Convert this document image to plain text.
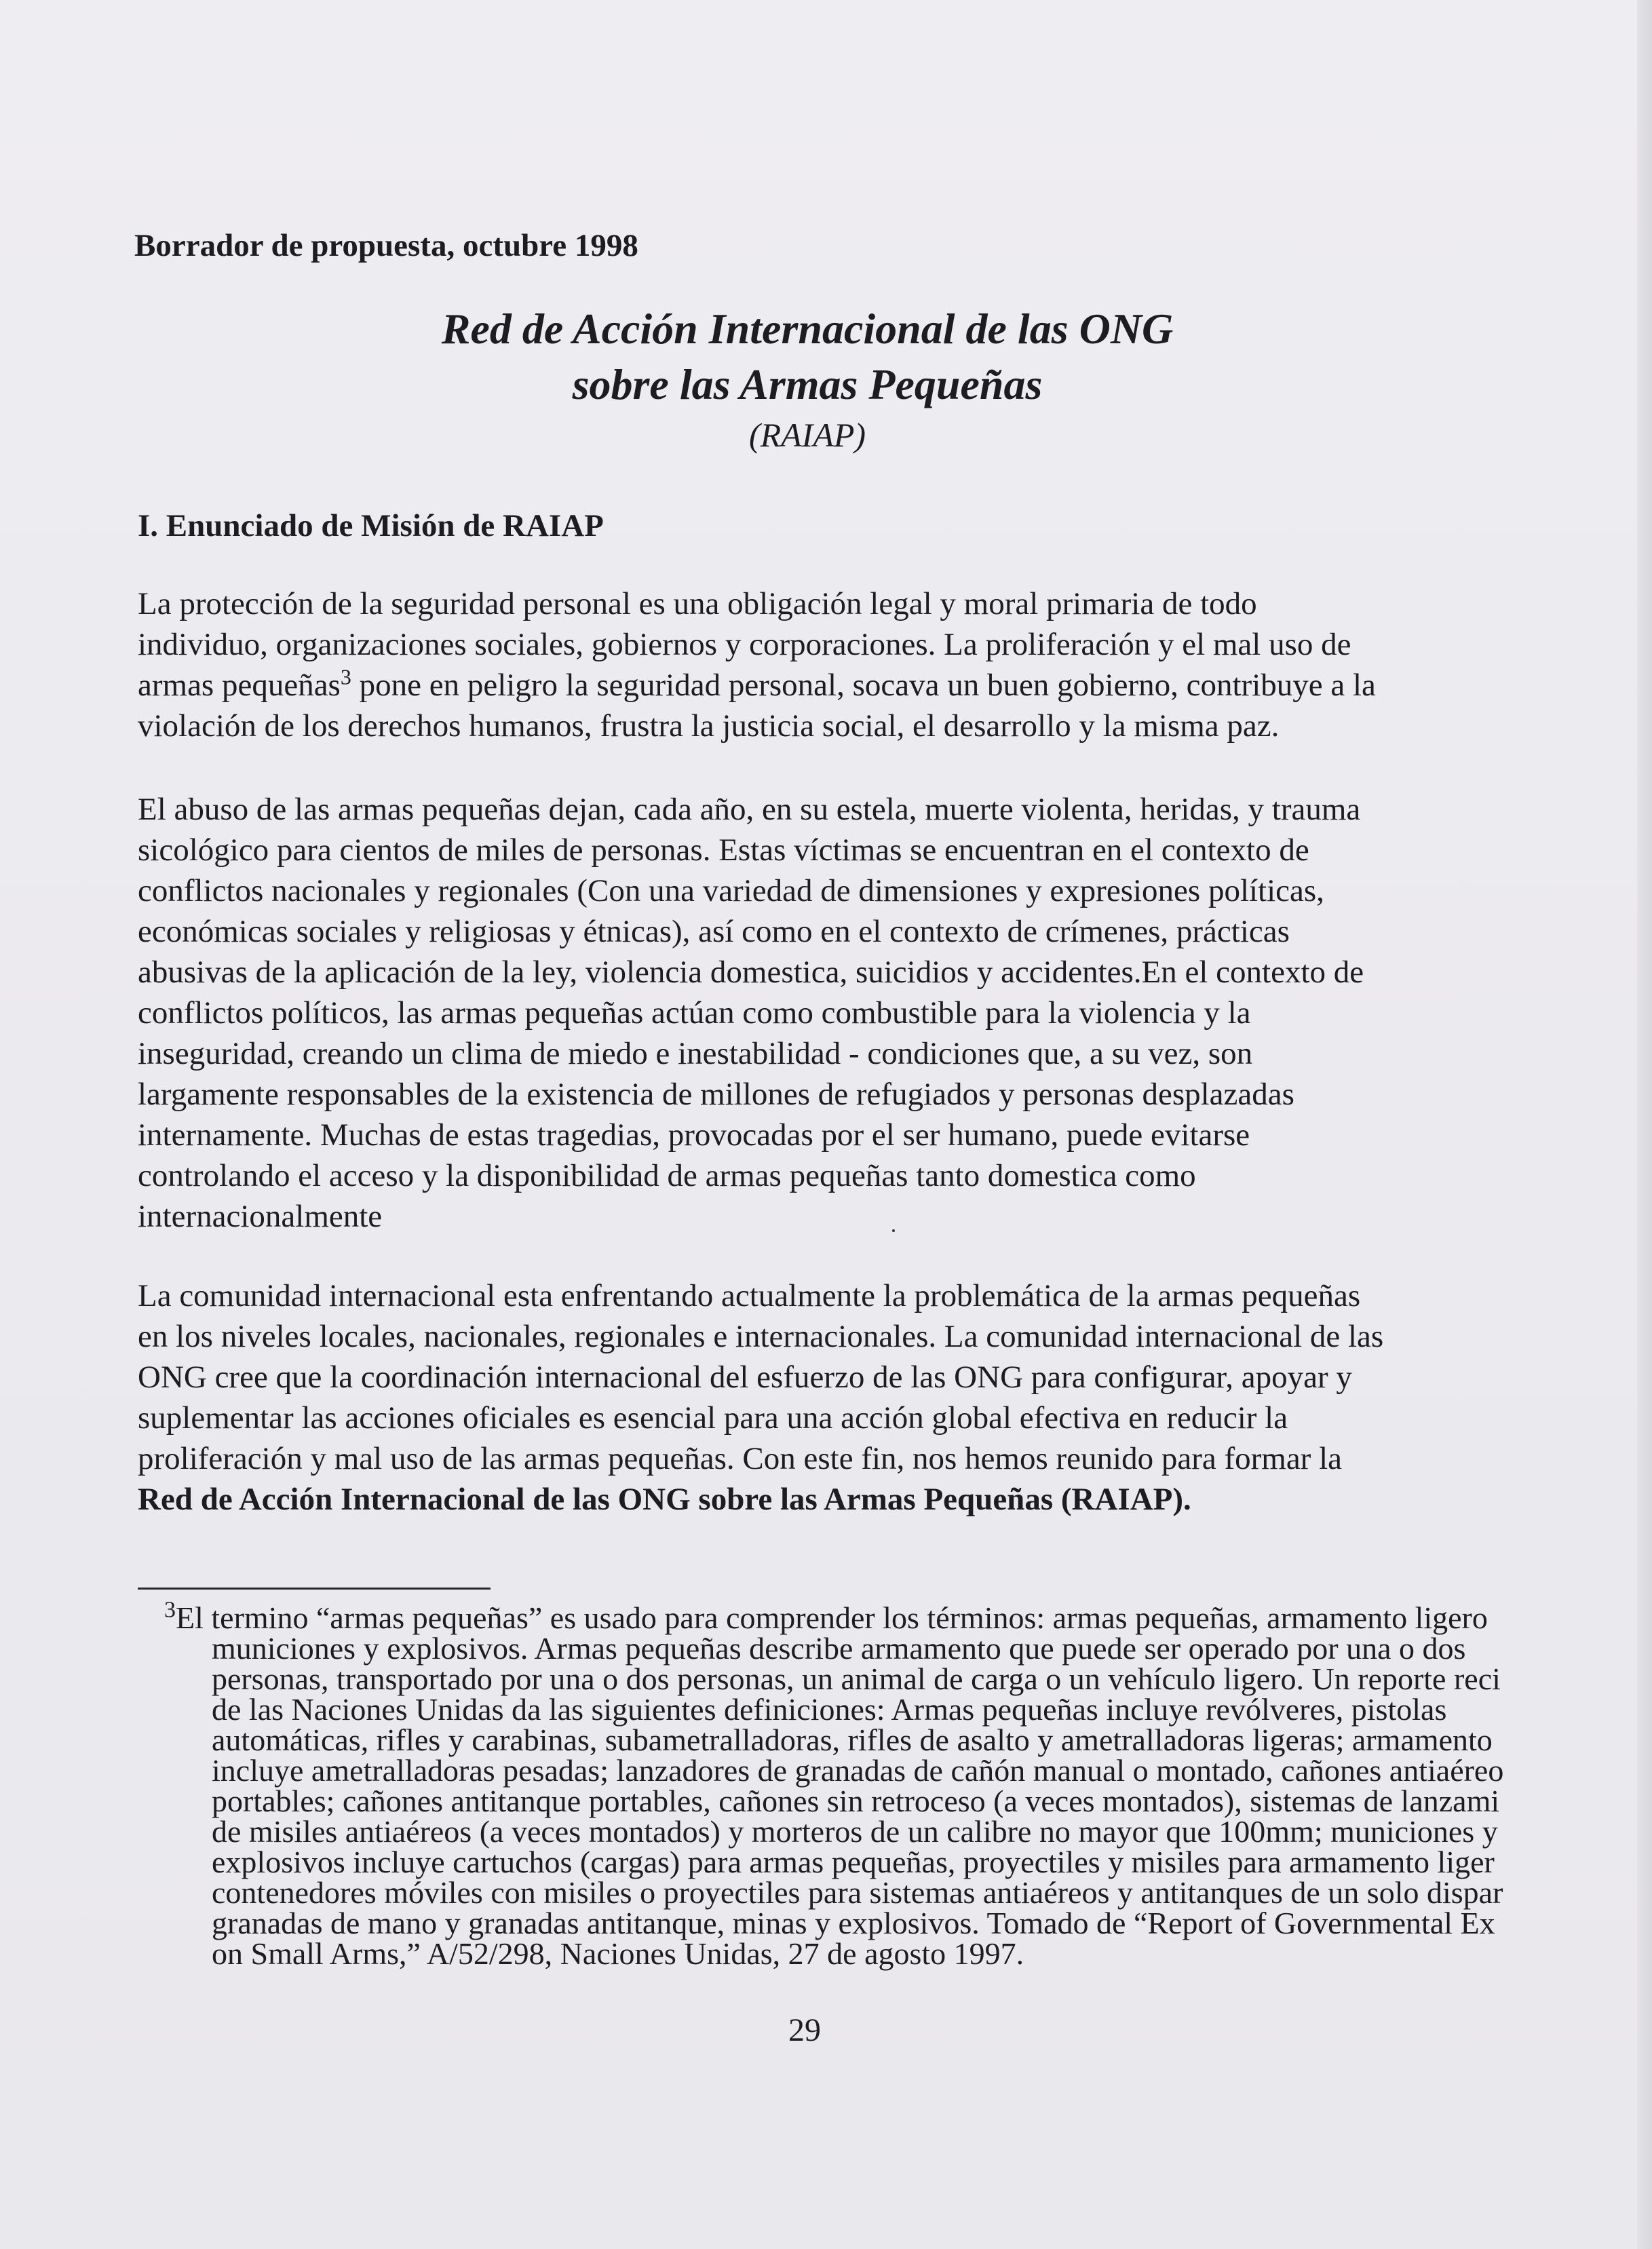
Borrador de propuesta, octubre 1998
Red de Acción Internacional de las ONG
sobre las Armas Pequeñas
(RAIAP)
I. Enunciado de Misión de RAIAP
La protección de la seguridad personal es una obligación legal y moral primaria de todo
individuo, organizaciones sociales, gobiernos y corporaciones. La proliferación y el mal uso de
armas pequeñas$^3$ pone en peligro la seguridad personal, socava un buen gobierno, contribuye a la
violación de los derechos humanos, frustra la justicia social, el desarrollo y la misma paz.
El abuso de las armas pequeñas dejan, cada año, en su estela, muerte violenta, heridas, y trauma
sicológico para cientos de miles de personas. Estas víctimas se encuentran en el contexto de
conflictos nacionales y regionales (Con una variedad de dimensiones y expresiones políticas,
económicas sociales y religiosas y étnicas), así como en el contexto de crímenes, prácticas
abusivas de la aplicación de la ley, violencia domestica, suicidios y accidentes.En el contexto de
conflictos políticos, las armas pequeñas actúan como combustible para la violencia y la
inseguridad, creando un clima de miedo e inestabilidad - condiciones que, a su vez, son
largamente responsables de la existencia de millones de refugiados y personas desplazadas
internamente. Muchas de estas tragedias, provocadas por el ser humano, puede evitarse
controlando el acceso y la disponibilidad de armas pequeñas tanto domestica como
internacionalmente
La comunidad internacional esta enfrentando actualmente la problemática de la armas pequeñas
en los niveles locales, nacionales, regionales e internacionales. La comunidad internacional de las
ONG cree que la coordinación internacional del esfuerzo de las ONG para configurar, apoyar y
suplementar las acciones oficiales es esencial para una acción global efectiva en reducir la
proliferación y mal uso de las armas pequeñas. Con este fin, nos hemos reunido para formar la
Red de Acción Internacional de las ONG sobre las Armas Pequeñas (RAIAP).
$^3$El termino “armas pequeñas” es usado para comprender los términos: armas pequeñas, armamento ligero
municiones y explosivos. Armas pequeñas describe armamento que puede ser operado por una o dos
personas, transportado por una o dos personas, un animal de carga o un vehículo ligero. Un reporte reci
de las Naciones Unidas da las siguientes definiciones: Armas pequeñas incluye revólveres, pistolas
automáticas, rifles y carabinas, subametralladoras, rifles de asalto y ametralladoras ligeras; armamento
incluye ametralladoras pesadas; lanzadores de granadas de cañón manual o montado, cañones antiaéreo
portables; cañones antitanque portables, cañones sin retroceso (a veces montados), sistemas de lanzami
de misiles antiaéreos (a veces montados) y morteros de un calibre no mayor que 100mm; municiones y
explosivos incluye cartuchos (cargas) para armas pequeñas, proyectiles y misiles para armamento liger
contenedores móviles con misiles o proyectiles para sistemas antiaéreos y antitanques de un solo dispar
granadas de mano y granadas antitanque, minas y explosivos. Tomado de “Report of Governmental Ex
on Small Arms,” A/52/298, Naciones Unidas, 27 de agosto 1997.
29
